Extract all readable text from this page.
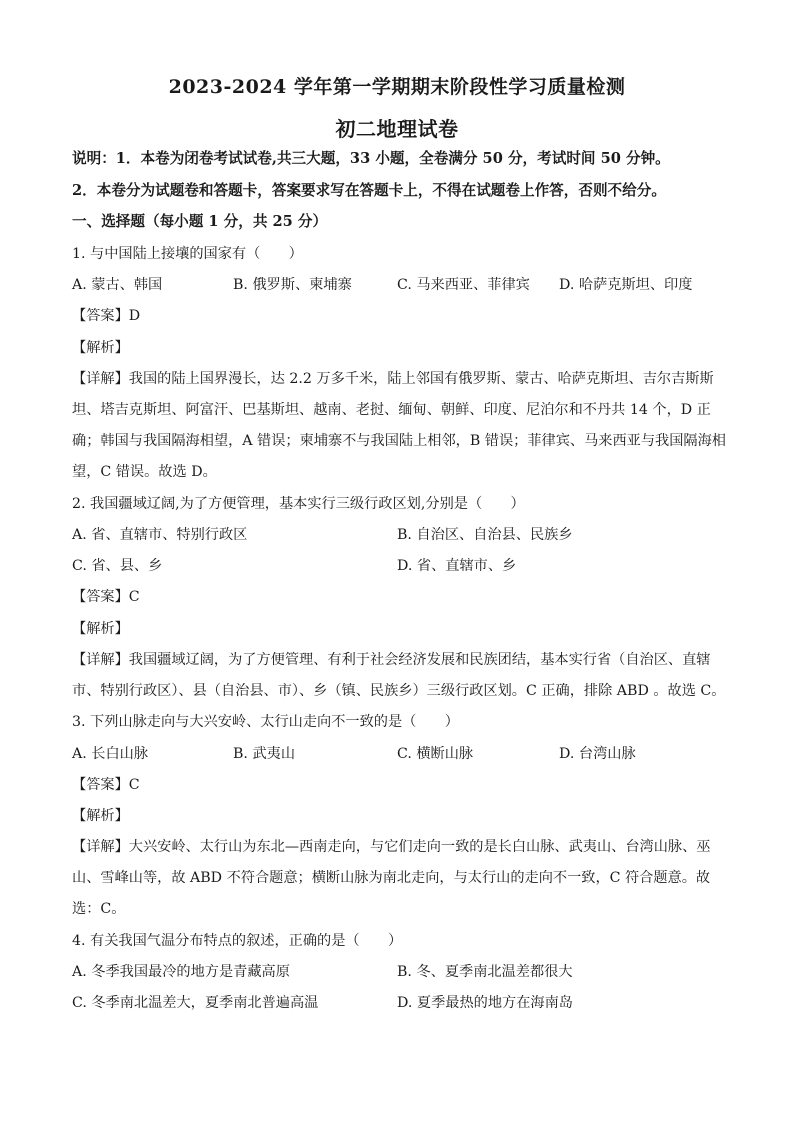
2023-2024 学年第一学期期末阶段性学习质量检测
初二地理试卷
说明：1．本卷为闭卷考试试卷,共三大题，33 小题，全卷满分 50 分，考试时间 50 分钟。
2．本卷分为试题卷和答题卡，答案要求写在答题卡上，不得在试题卷上作答，否则不给分。
一、选择题（每小题 1 分，共 25 分）
1. 与中国陆上接壤的国家有（　　）
A. 蒙古、韩国	B. 俄罗斯、柬埔寨	C. 马来西亚、菲律宾 D. 哈萨克斯坦、印度
【答案】D
【解析】
【详解】我国的陆上国界漫长，达 2.2 万多千米，陆上邻国有俄罗斯、蒙古、哈萨克斯坦、吉尔吉斯斯
坦、塔吉克斯坦、阿富汗、巴基斯坦、越南、老挝、缅甸、朝鲜、印度、尼泊尔和不丹共 14 个，D 正
确；韩国与我国隔海相望，A 错误；柬埔寨不与我国陆上相邻，B 错误；菲律宾、马来西亚与我国隔海相
望，C 错误。故选 D。
2. 我国疆域辽阔,为了方便管理，基本实行三级行政区划,分别是（　　）
A. 省、直辖市、特别行政区	B. 自治区、自治县、民族乡
C. 省、县、乡	D. 省、直辖市、乡
【答案】C
【解析】
【详解】我国疆域辽阔，为了方便管理、有利于社会经济发展和民族团结，基本实行省（自治区、直辖
市、特别行政区）、县（自治县、市）、乡（镇、民族乡）三级行政区划。C 正确，排除 ABD 。故选 C。
3. 下列山脉走向与大兴安岭、太行山走向不一致的是（　　）
A. 长白山脉	B. 武夷山	C. 横断山脉	D. 台湾山脉
【答案】C
【解析】
【详解】大兴安岭、太行山为东北—西南走向，与它们走向一致的是长白山脉、武夷山、台湾山脉、巫
山、雪峰山等，故 ABD 不符合题意；横断山脉为南北走向，与太行山的走向不一致，C 符合题意。故
选：C。
4. 有关我国气温分布特点的叙述，正确的是（　　）
A. 冬季我国最冷的地方是青藏高原	B. 冬、夏季南北温差都很大
C. 冬季南北温差大，夏季南北普遍高温	D. 夏季最热的地方在海南岛
